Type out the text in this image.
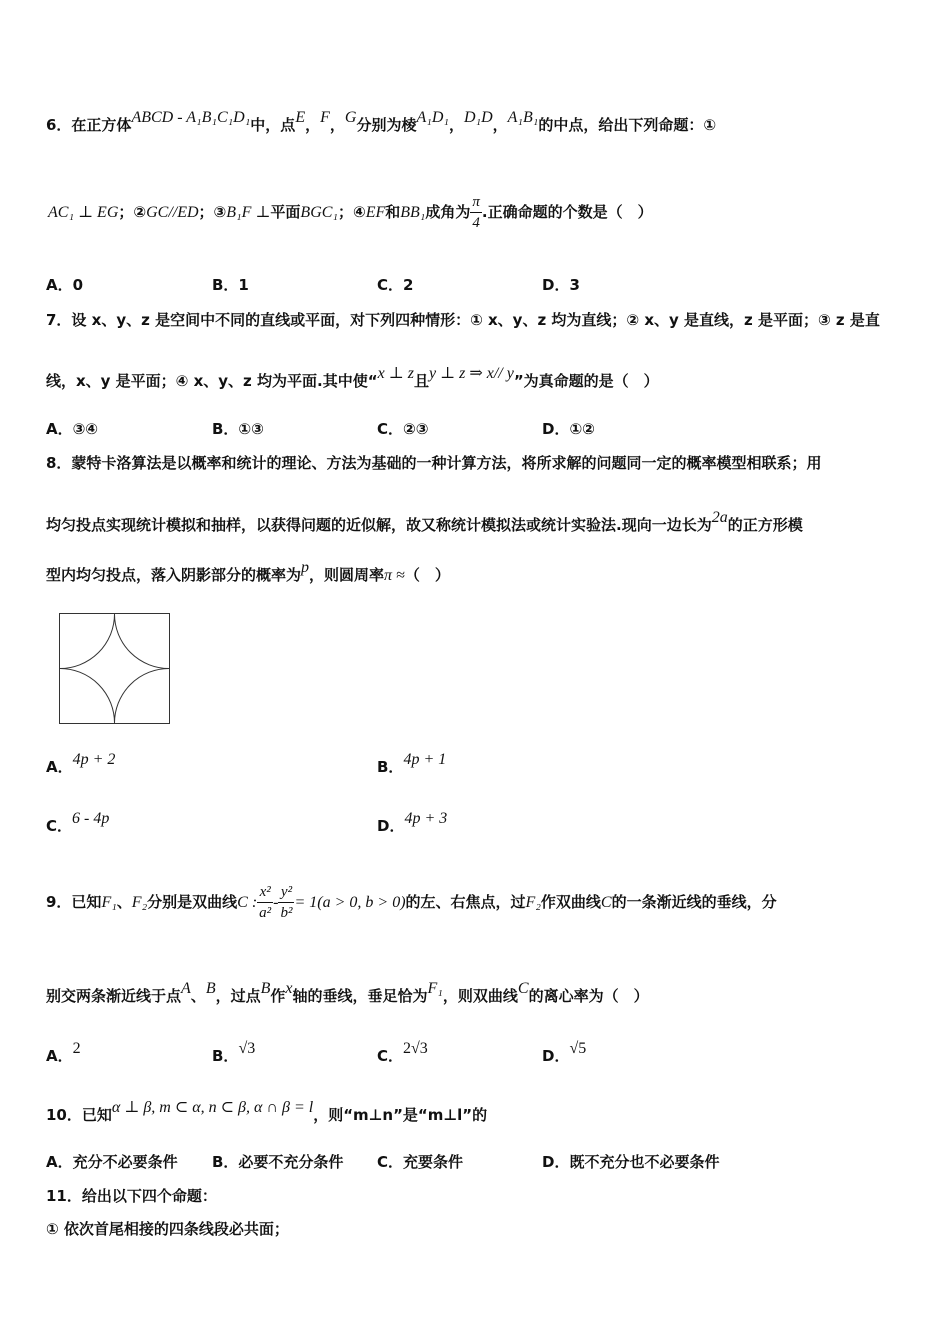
6．在正方体ABCD - A₁B₁C₁D₁中，点E，F，G分别为棱A₁D₁，D₁D，A₁B₁的中点，给出下列命题：①
AC₁ ⊥ EG；②GC//ED；③B₁F ⊥平面BGC₁；④EF和BB₁成角为 $\frac{\pi}{4}$ .正确命题的个数是（　）
A．0	B．1	C．2	D．3
7．设 x、y、z 是空间中不同的直线或平面，对下列四种情形：① x、y、z 均为直线；② x、y 是直线，z 是平面；③ z 是直
线，x、y 是平面；④ x、y、z 均为平面.其中使“x ⊥ z且y ⊥ z ⇒ x// y”为真命题的是（　）
A．③④	B．①③	C．②③	D．①②
8．蒙特卡洛算法是以概率和统计的理论、方法为基础的一种计算方法，将所求解的问题同一定的概率模型相联系；用
均匀投点实现统计模拟和抽样，以获得问题的近似解，故又称统计模拟法或统计实验法.现向一边长为2a的正方形模
型内均匀投点，落入阴影部分的概率为p，则圆周率π ≈（　）
A．4p + 2	B．4p + 1
C．6 - 4p	D．4p + 3
9．已知F₁、F₂分别是双曲线C : $\frac{\text{x²}}{\text{a²}} - \frac{\text{y²}}{\text{b²}} = 1(a > 0$, b > 0)的左、右焦点，过F₂作双曲线C的一条渐近线的垂线，分
别交两条渐近线于点A、B，过点B作x轴的垂线，垂足恰为F₁，则双曲线C的离心率为（　）
A．2	B．√3	C．2√3	D．√5
10．已知α ⊥ β, m ⊂ α, n ⊂ β, α ∩ β = l，则“m⊥n”是“m⊥l”的
A．充分不必要条件 B．必要不充分条件 C．充要条件	D．既不充分也不必要条件
11．给出以下四个命题：
① 依次首尾相接的四条线段必共面；
